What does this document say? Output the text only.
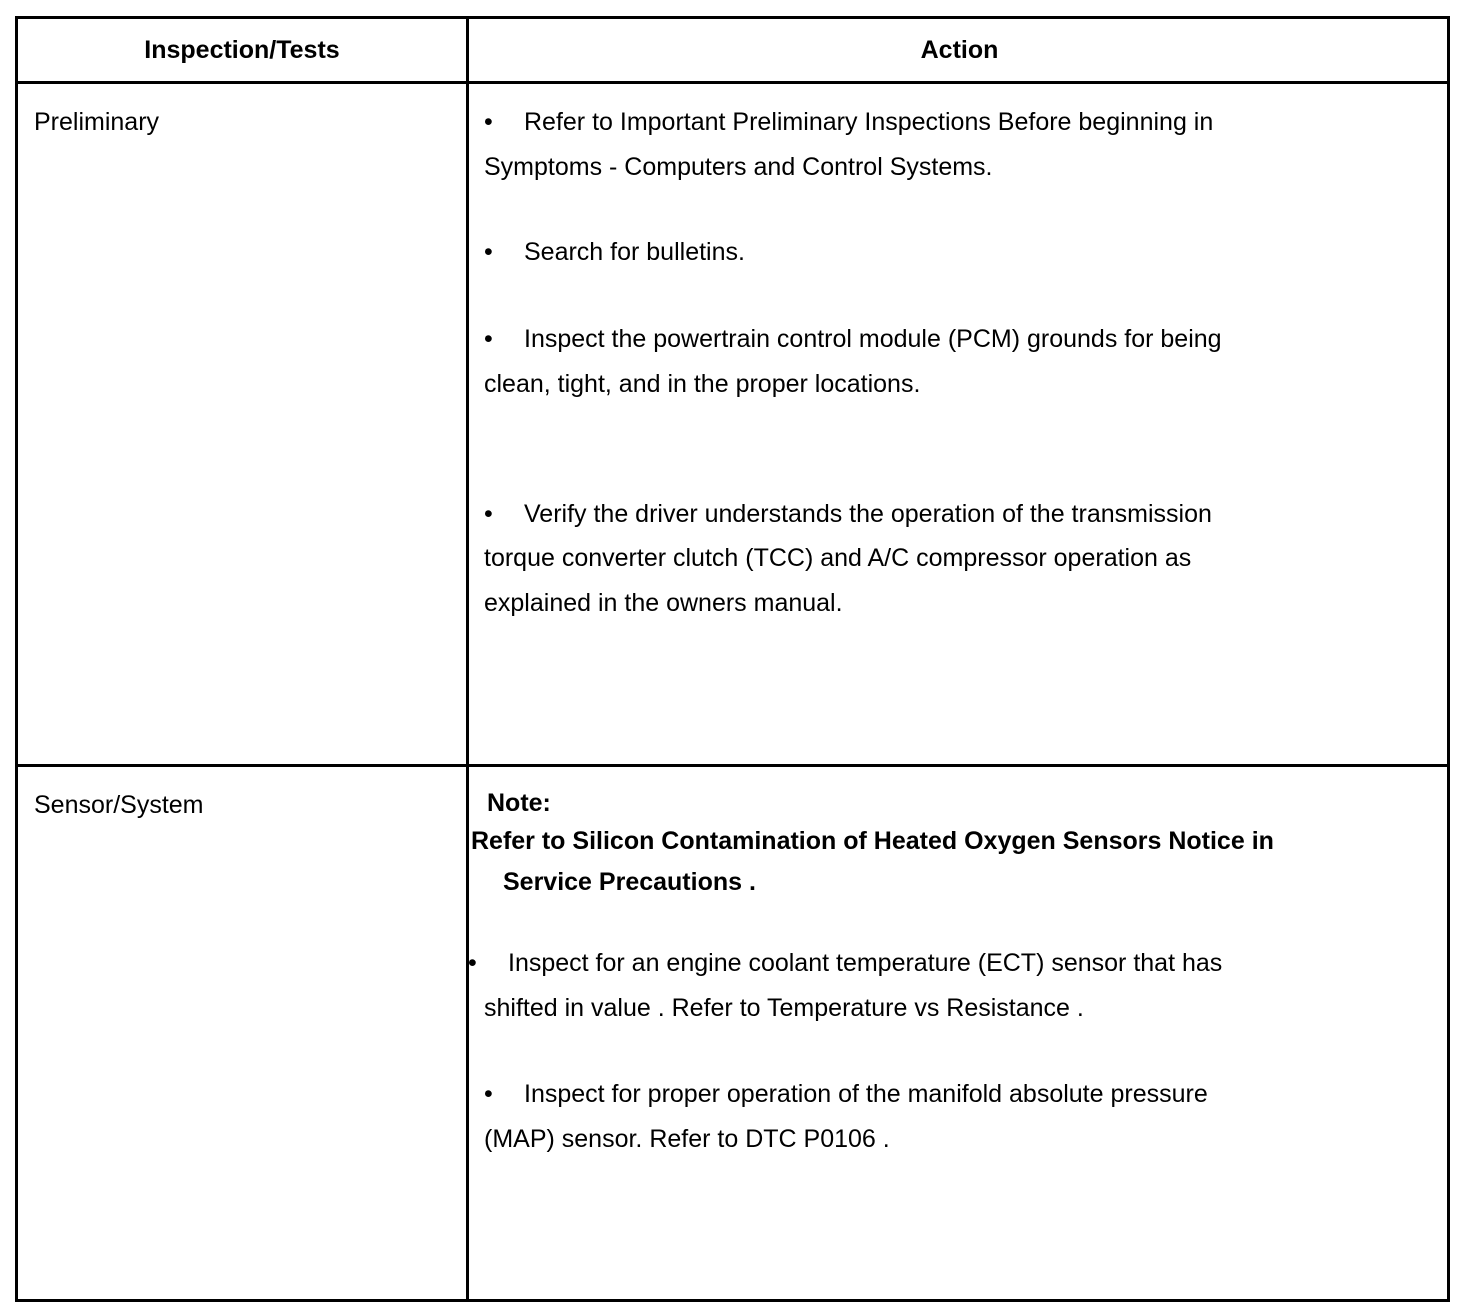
Inspection/Tests	Action
Preliminary	• Refer to Important Preliminary Inspections Before beginning in
Symptoms - Computers and Control Systems.
• Search for bulletins.
• Inspect the powertrain control module (PCM) grounds for being
clean, tight, and in the proper locations.
• Verify the driver understands the operation of the transmission
torque converter clutch (TCC) and A/C compressor operation as
explained in the owners manual.
Sensor/System	Note:
Refer to Silicon Contamination of Heated Oxygen Sensors Notice in
Service Precautions .
• Inspect for an engine coolant temperature (ECT) sensor that has
shifted in value . Refer to Temperature vs Resistance .
• Inspect for proper operation of the manifold absolute pressure
(MAP) sensor. Refer to DTC P0106 .
